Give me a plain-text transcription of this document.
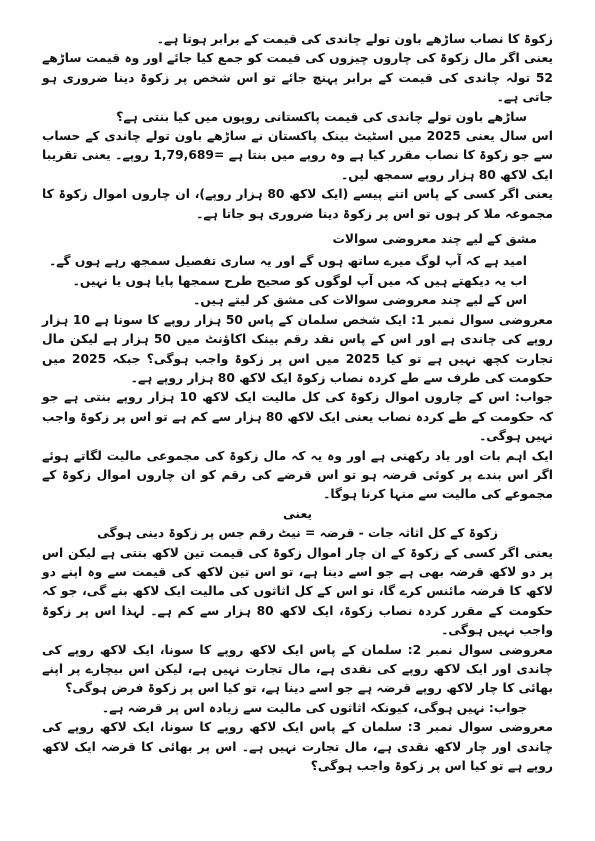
زکوۃ کا نصاب ساڑھے باون تولے چاندی کی قیمت کے برابر ہوتا ہے۔

یعنی اگر مال زکوۃ کی چاروں چیزوں کی قیمت کو جمع کیا جائے اور وہ قیمت ساڑھے 52 تولہ چاندی کی قیمت کے برابر پہنچ جائے تو اس شخص پر زکوۃ دینا ضروری ہو جاتی ہے۔

ساڑھے باون تولے چاندی کی قیمت پاکستانی روپوں میں کیا بنتی ہے؟

اس سال یعنی 2025 میں اسٹیٹ بینک پاکستان نے ساڑھے باون تولے چاندی کے حساب سے جو زکوۃ کا نصاب مقرر کیا ہے وہ روپے میں بنتا ہے =1,79,689 روپے۔ یعنی تقریبا ایک لاکھ 80 ہزار روپے سمجھ لیں۔

یعنی اگر کسی کے پاس اتنے پیسے (ایک لاکھ 80 ہزار روپے)، ان چاروں اموال زکوۃ کا مجموعہ ملا کر ہوں تو اس پر زکوۃ دینا ضروری ہو جاتا ہے۔

مشق کے لیے چند معروضی سوالات

امید ہے کہ آپ لوگ میرے ساتھ ہوں گے اور یہ ساری تفصیل سمجھ رہے ہوں گے۔

اب یہ دیکھتے ہیں کہ میں آپ لوگوں کو صحیح طرح سمجھا پایا ہوں یا نہیں۔

اس کے لیے چند معروضی سوالات کی مشق کر لیتے ہیں۔

معروضی سوال نمبر 1: ایک شخص سلمان کے پاس 50 ہزار روپے کا سونا ہے 10 ہزار روپے کی چاندی ہے اور اس کے پاس نقد رقم بینک اکاؤنٹ میں 50 ہزار ہے لیکن مال تجارت کچھ نہیں ہے تو کیا 2025 میں اس پر زکوۃ واجب ہوگی؟ جبکہ 2025 میں حکومت کی طرف سے طے کردہ نصاب زکوۃ ایک لاکھ 80 ہزار روپے ہے۔

جواب: اس کے چاروں اموال زکوۃ کی کل مالیت ایک لاکھ 10 ہزار روپے بنتی ہے جو کہ حکومت کے طے کردہ نصاب یعنی ایک لاکھ 80 ہزار سے کم ہے تو اس پر زکوۃ واجب نہیں ہوگی۔

ایک اہم بات اور یاد رکھنی ہے اور وہ یہ کہ مال زکوۃ کی مجموعی مالیت لگاتے ہوئے اگر اس بندے پر کوئی قرضہ ہو تو اس قرضے کی رقم کو ان چاروں اموال زکوۃ کے مجموعے کی مالیت سے منہا کرنا ہوگا۔

یعنی

زکوۃ کے کل اثاثہ جات - قرضہ = نیٹ رقم جس پر زکوۃ دینی ہوگی

یعنی اگر کسی کے زکوۃ کے ان چار اموال زکوۃ کی قیمت تین لاکھ بنتی ہے لیکن اس پر دو لاکھ قرضہ بھی ہے جو اسے دینا ہے، تو اس تین لاکھ کی قیمت سے وہ اپنے دو لاکھ کا قرضہ مائنس کرے گا، تو اس کے کل اثاثوں کی مالیت ایک لاکھ بنے گی، جو کہ حکومت کے مقرر کردہ نصاب زکوۃ، ایک لاکھ 80 ہزار سے کم ہے۔ لہذا اس پر زکوۃ واجب نہیں ہوگی۔

معروضی سوال نمبر 2: سلمان کے پاس ایک لاکھ روپے کا سونا، ایک لاکھ روپے کی چاندی اور ایک لاکھ روپے کی نقدی ہے، مال تجارت نہیں ہے، لیکن اس بیچارے پر اپنے بھائی کا چار لاکھ روپے قرضہ ہے جو اسے دینا ہے، تو کیا اس پر زکوۃ فرض ہوگی؟

جواب: نہیں ہوگی، کیونکہ اثاثوں کی مالیت سے زیادہ اس پر قرضہ ہے۔

معروضی سوال نمبر 3: سلمان کے پاس ایک لاکھ روپے کا سونا، ایک لاکھ روپے کی چاندی اور چار لاکھ نقدی ہے، مال تجارت نہیں ہے۔ اس پر بھائی کا قرضہ ایک لاکھ روپے ہے تو کیا اس پر زکوۃ واجب ہوگی؟
